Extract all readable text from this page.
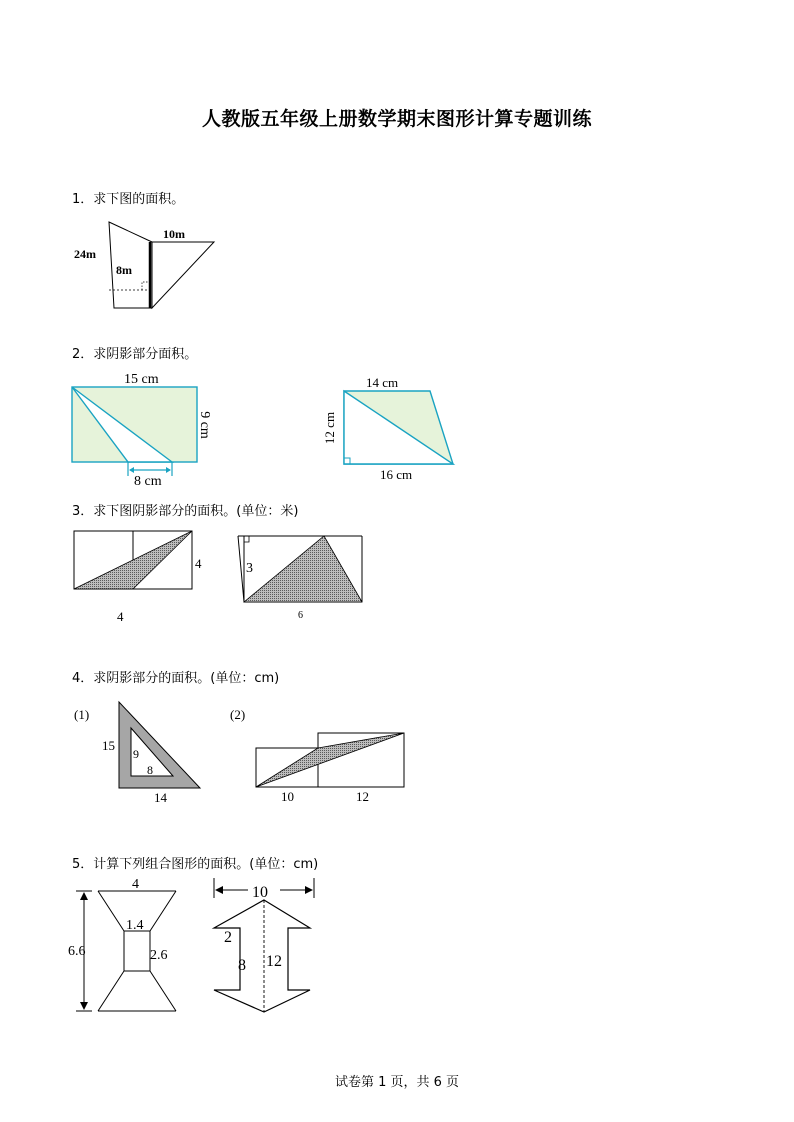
人教版五年级上册数学期末图形计算专题训练
1．求下图的面积。
24m
8m
10m
2．求阴影部分面积。
15 cm
9 cm
8 cm
14 cm
12 cm
16 cm
3．求下图阴影部分的面积。(单位：米)
4
4
3
6
4．求阴影部分的面积。(单位：cm)
(1)
15
9
8
14
(2)
10	12
5．计算下列组合图形的面积。(单位：cm)
4
6.6
1.4
2.6
10
2
8 12
试卷第 1 页，共 6 页
